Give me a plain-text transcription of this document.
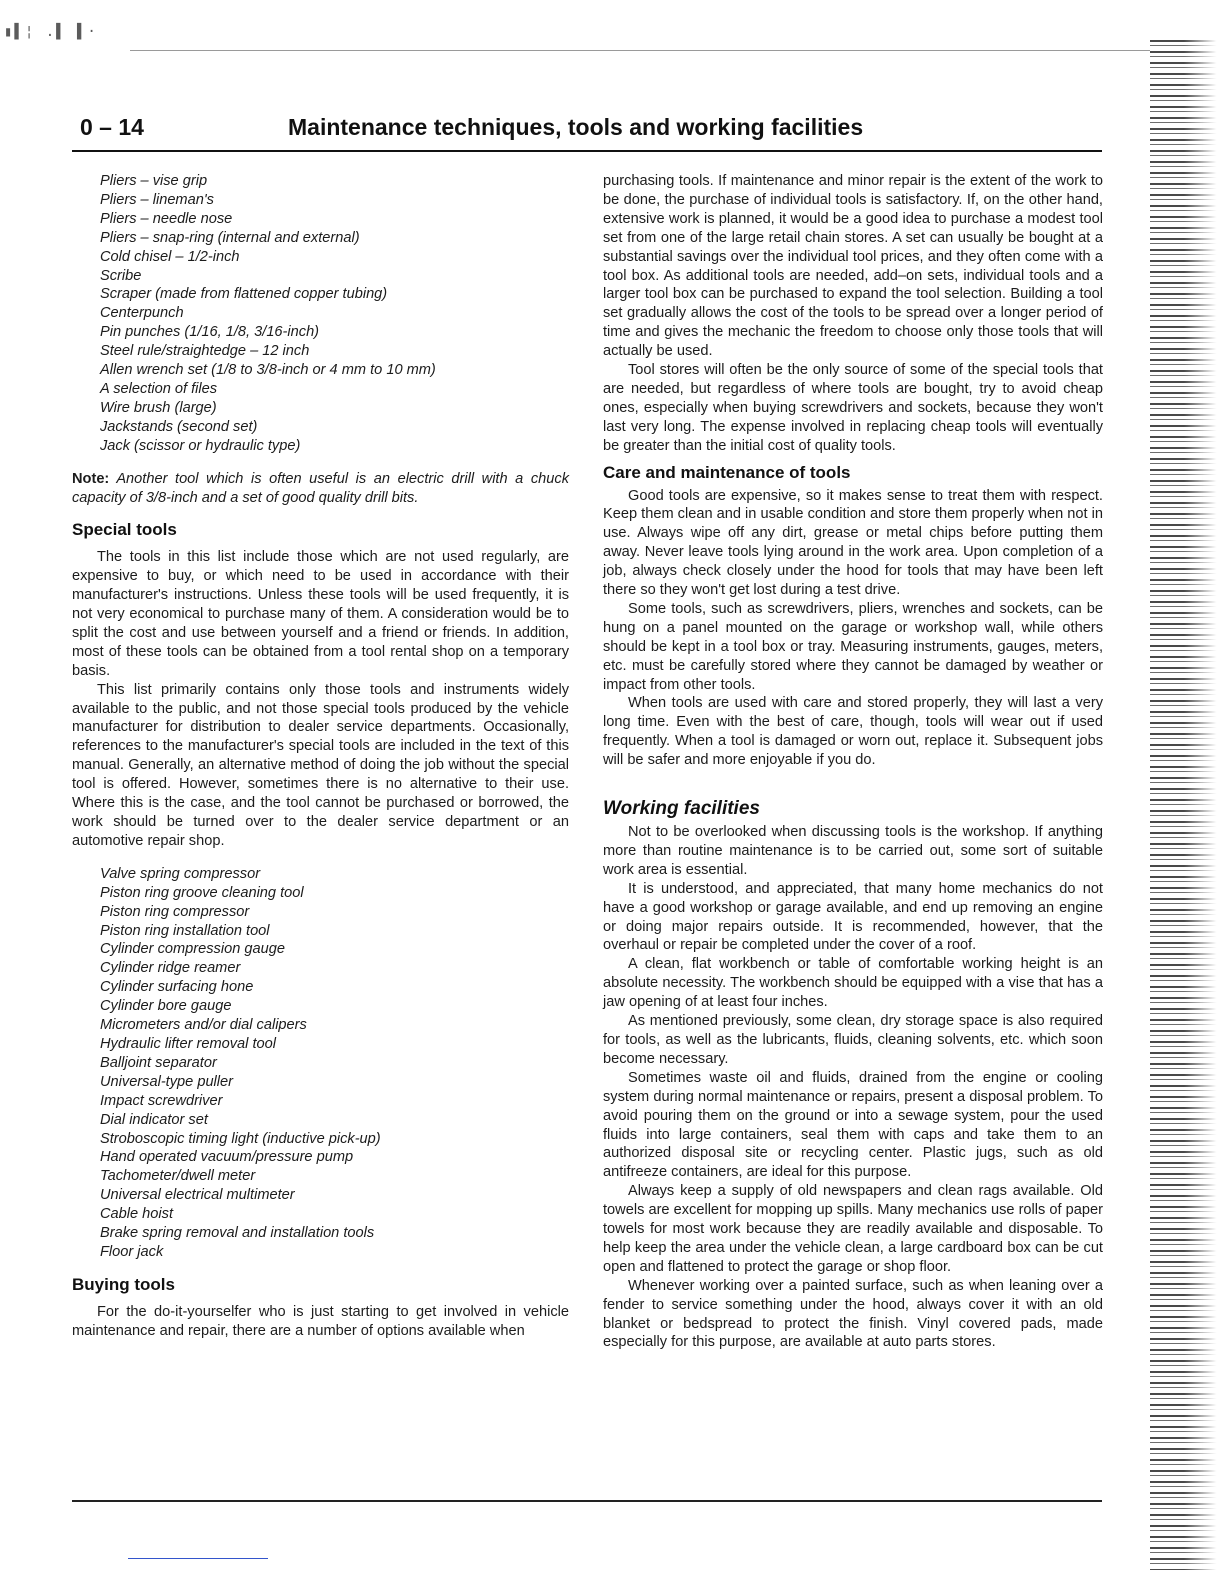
▮▌¦ .▌ ▌·
0 – 14	Maintenance techniques, tools and working facilities
Pliers – vise grip
Pliers – lineman's
Pliers – needle nose
Pliers – snap-ring (internal and external)
Cold chisel – 1/2-inch
Scribe
Scraper (made from flattened copper tubing)
Centerpunch
Pin punches (1/16, 1/8, 3/16-inch)
Steel rule/straightedge – 12 inch
Allen wrench set (1/8 to 3/8-inch or 4 mm to 10 mm)
A selection of files
Wire brush (large)
Jackstands (second set)
Jack (scissor or hydraulic type)

Note: Another tool which is often useful is an electric drill with a chuck capacity of 3/8-inch and a set of good quality drill bits.

Special tools

The tools in this list include those which are not used regularly, are expensive to buy, or which need to be used in accordance with their manufacturer's instructions. Unless these tools will be used frequently, it is not very economical to purchase many of them. A consideration would be to split the cost and use between yourself and a friend or friends. In addition, most of these tools can be obtained from a tool rental shop on a temporary basis.

This list primarily contains only those tools and instruments widely available to the public, and not those special tools produced by the vehicle manufacturer for distribution to dealer service departments. Occasionally, references to the manufacturer's special tools are included in the text of this manual. Generally, an alternative method of doing the job without the special tool is offered. However, sometimes there is no alternative to their use. Where this is the case, and the tool cannot be purchased or borrowed, the work should be turned over to the dealer service department or an automotive repair shop.

Valve spring compressor
Piston ring groove cleaning tool
Piston ring compressor
Piston ring installation tool
Cylinder compression gauge
Cylinder ridge reamer
Cylinder surfacing hone
Cylinder bore gauge
Micrometers and/or dial calipers
Hydraulic lifter removal tool
Balljoint separator
Universal-type puller
Impact screwdriver
Dial indicator set
Stroboscopic timing light (inductive pick-up)
Hand operated vacuum/pressure pump
Tachometer/dwell meter
Universal electrical multimeter
Cable hoist
Brake spring removal and installation tools
Floor jack
Buying tools

For the do-it-yourselfer who is just starting to get involved in vehicle maintenance and repair, there are a number of options available when

purchasing tools. If maintenance and minor repair is the extent of the work to be done, the purchase of individual tools is satisfactory. If, on the other hand, extensive work is planned, it would be a good idea to purchase a modest tool set from one of the large retail chain stores. A set can usually be bought at a substantial savings over the individual tool prices, and they often come with a tool box. As additional tools are needed, add–on sets, individual tools and a larger tool box can be purchased to expand the tool selection. Building a tool set gradually allows the cost of the tools to be spread over a longer period of time and gives the mechanic the freedom to choose only those tools that will actually be used.

Tool stores will often be the only source of some of the special tools that are needed, but regardless of where tools are bought, try to avoid cheap ones, especially when buying screwdrivers and sockets, because they won't last very long. The expense involved in replacing cheap tools will eventually be greater than the initial cost of quality tools.

Care and maintenance of tools

Good tools are expensive, so it makes sense to treat them with respect. Keep them clean and in usable condition and store them properly when not in use. Always wipe off any dirt, grease or metal chips before putting them away. Never leave tools lying around in the work area. Upon completion of a job, always check closely under the hood for tools that may have been left there so they won't get lost during a test drive.

Some tools, such as screwdrivers, pliers, wrenches and sockets, can be hung on a panel mounted on the garage or workshop wall, while others should be kept in a tool box or tray. Measuring instruments, gauges, meters, etc. must be carefully stored where they cannot be damaged by weather or impact from other tools.

When tools are used with care and stored properly, they will last a very long time. Even with the best of care, though, tools will wear out if used frequently. When a tool is damaged or worn out, replace it. Subsequent jobs will be safer and more enjoyable if you do.

Working facilities

Not to be overlooked when discussing tools is the workshop. If anything more than routine maintenance is to be carried out, some sort of suitable work area is essential.

It is understood, and appreciated, that many home mechanics do not have a good workshop or garage available, and end up removing an engine or doing major repairs outside. It is recommended, however, that the overhaul or repair be completed under the cover of a roof.

A clean, flat workbench or table of comfortable working height is an absolute necessity. The workbench should be equipped with a vise that has a jaw opening of at least four inches.

As mentioned previously, some clean, dry storage space is also required for tools, as well as the lubricants, fluids, cleaning solvents, etc. which soon become necessary.

Sometimes waste oil and fluids, drained from the engine or cooling system during normal maintenance or repairs, present a disposal problem. To avoid pouring them on the ground or into a sewage system, pour the used fluids into large containers, seal them with caps and take them to an authorized disposal site or recycling center. Plastic jugs, such as old antifreeze containers, are ideal for this purpose.

Always keep a supply of old newspapers and clean rags available. Old towels are excellent for mopping up spills. Many mechanics use rolls of paper towels for most work because they are readily available and disposable. To help keep the area under the vehicle clean, a large cardboard box can be cut open and flattened to protect the garage or shop floor.

Whenever working over a painted surface, such as when leaning over a fender to service something under the hood, always cover it with an old blanket or bedspread to protect the finish. Vinyl covered pads, made especially for this purpose, are available at auto parts stores.
